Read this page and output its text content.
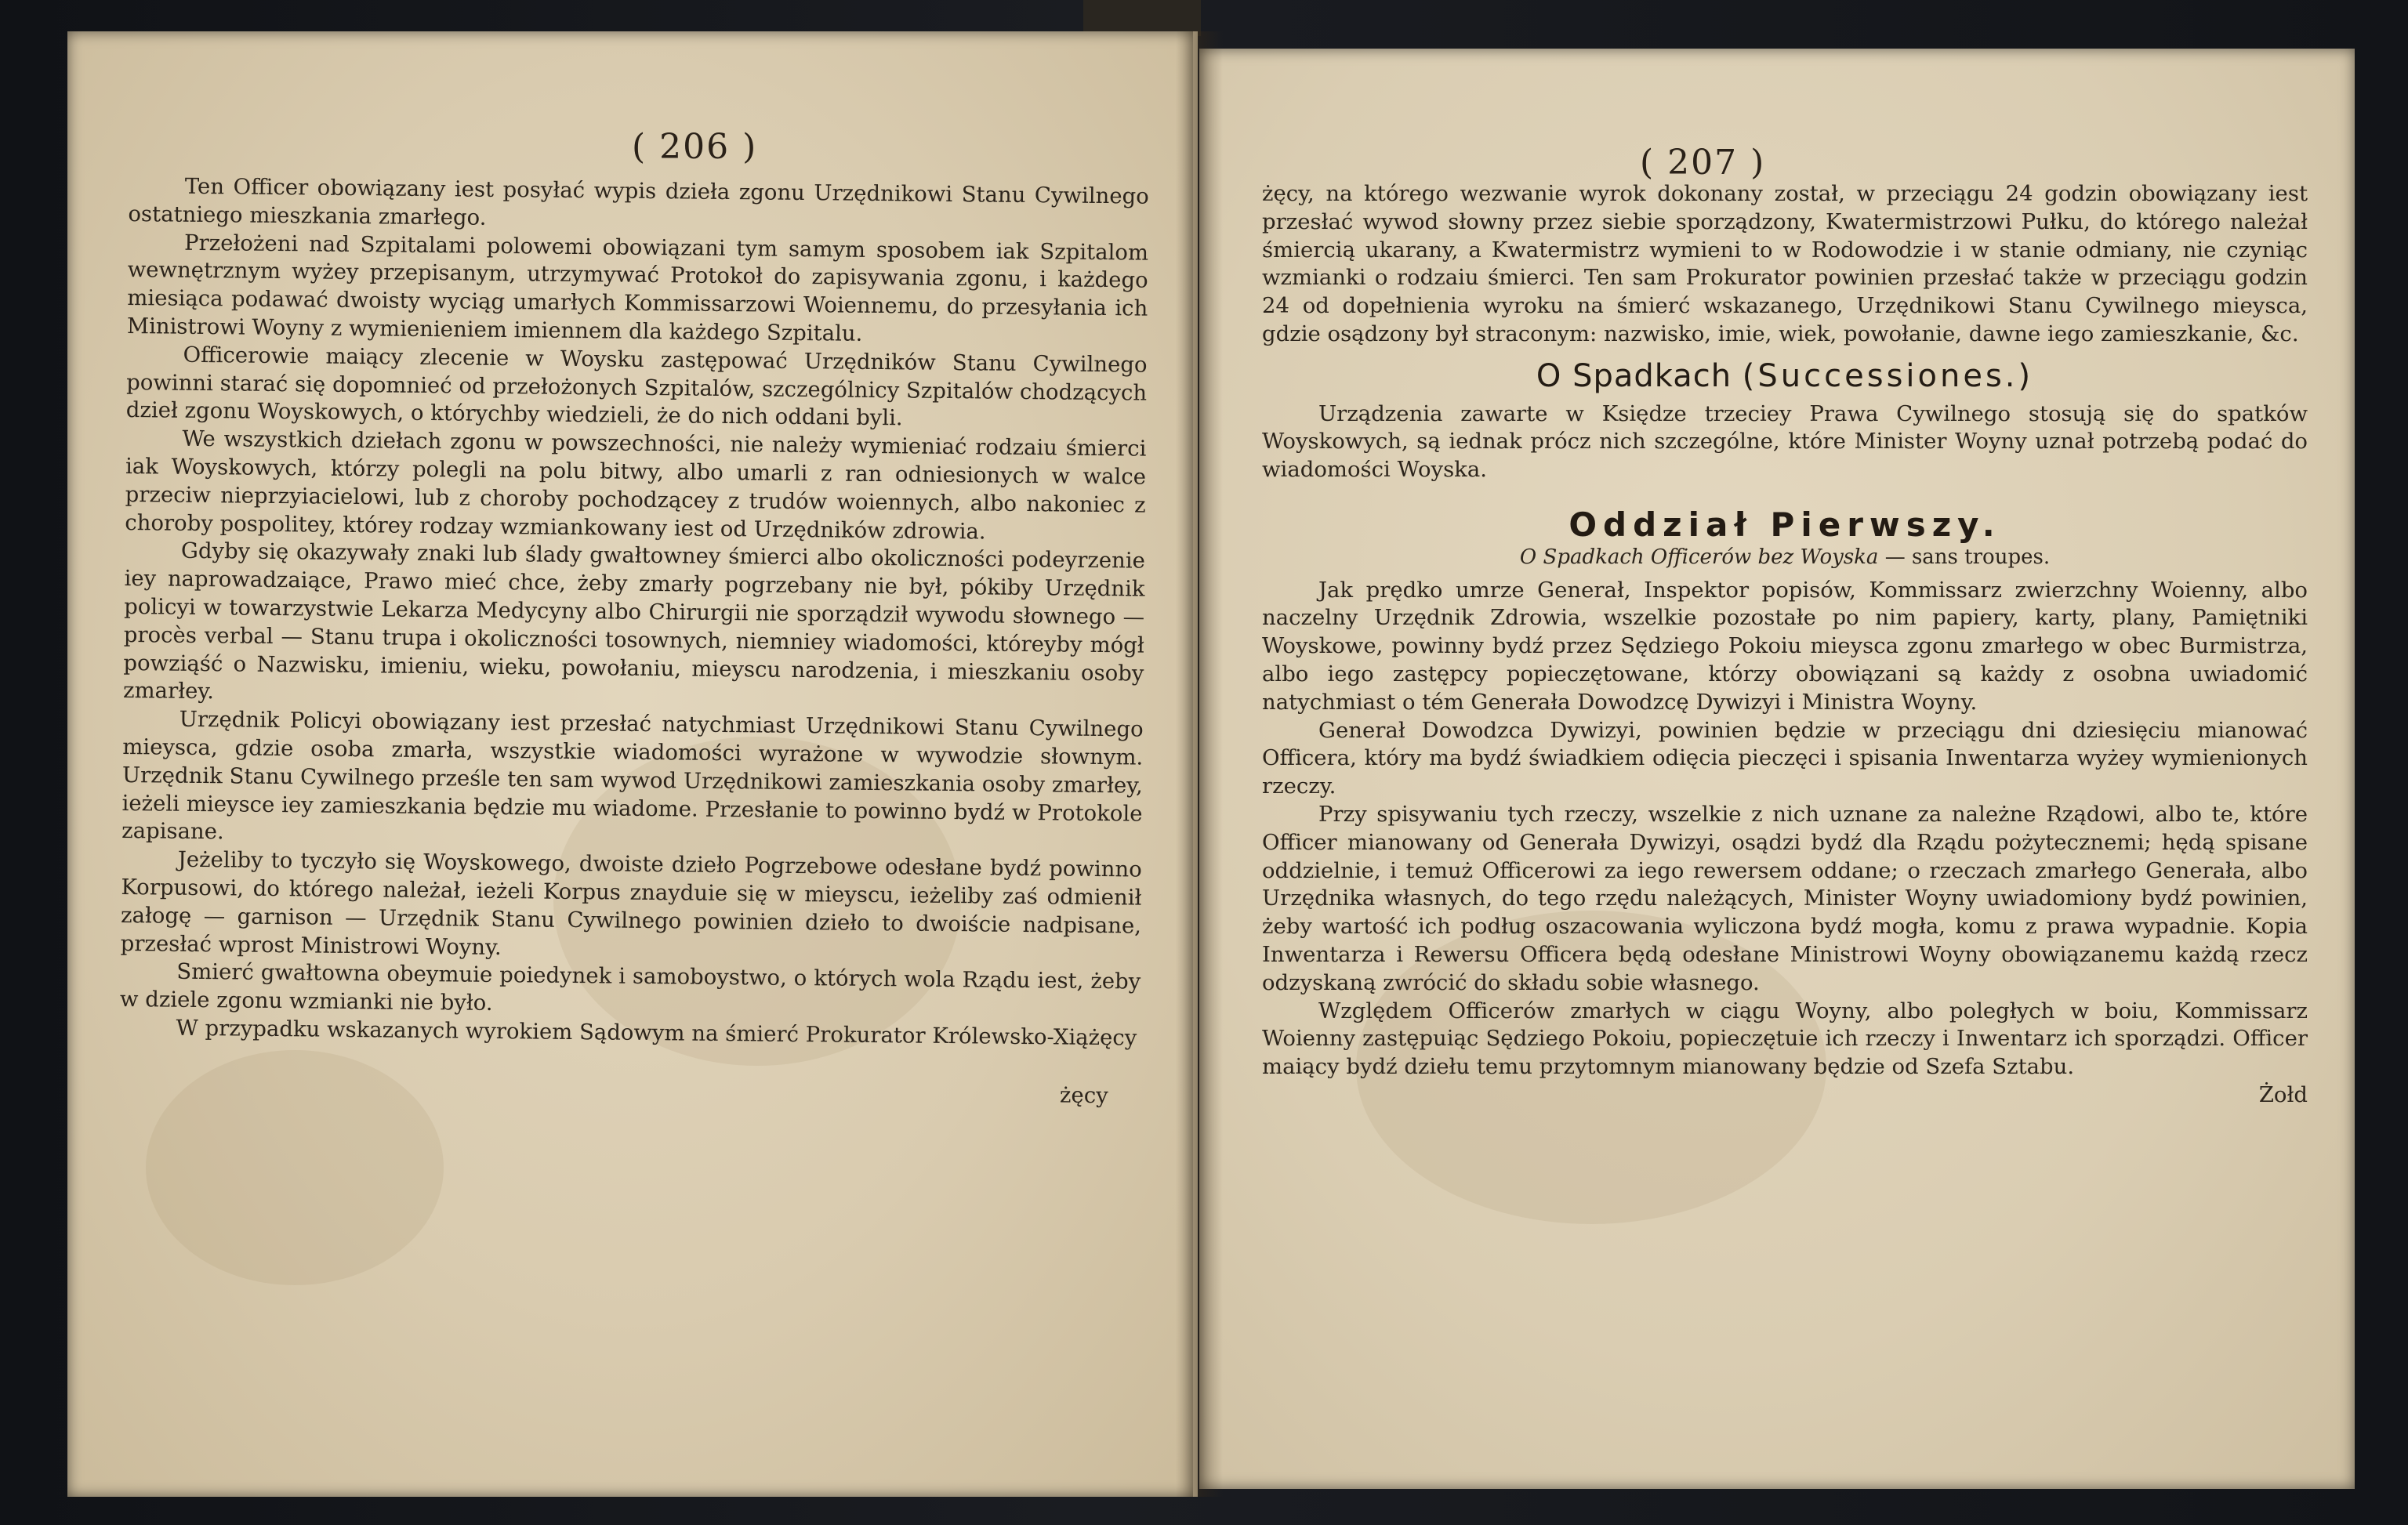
( 206 )

Ten Officer obowiązany iest posyłać wypis dzieła zgonu Urzędnikowi Stanu Cywilnego ostatniego mieszkania zmarłego.

Przełożeni nad Szpitalami polowemi obowiązani tym samym sposobem iak Szpitalom wewnętrznym wyżey przepisanym, utrzymywać Protokoł do zapisywania zgonu, i każdego miesiąca podawać dwoisty wyciąg umarłych Kommissarzowi Woiennemu, do przesyłania ich Ministrowi Woyny z wymienieniem imiennem dla każdego Szpitalu.

Officerowie maiący zlecenie w Woysku zastępować Urzędników Stanu Cywilnego powinni starać się dopomnieć od przełożonych Szpitalów, szczególnicy Szpitalów chodzących dzieł zgonu Woyskowych, o którychby wiedzieli, że do nich oddani byli.

We wszystkich dziełach zgonu w powszechności, nie należy wymieniać rodzaiu śmierci iak Woyskowych, którzy polegli na polu bitwy, albo umarli z ran odniesionych w walce przeciw nieprzyiacielowi, lub z choroby pochodzącey z trudów woiennych, albo nakoniec z choroby pospolitey, którey rodzay wzmiankowany iest od Urzędników zdrowia.

Gdyby się okazywały znaki lub ślady gwałtowney śmierci albo okoliczności podeyrzenie iey naprowadzaiące, Prawo mieć chce, żeby zmarły pogrzebany nie był, pókiby Urzędnik policyi w towarzystwie Lekarza Medycyny albo Chirurgii nie sporządził wywodu słownego — procès verbal — Stanu trupa i okoliczności tosownych, niemniey wiadomości, któreyby mógł powziąść o Nazwisku, imieniu, wieku, powołaniu, mieyscu narodzenia, i mieszkaniu osoby zmarłey.

Urzędnik Policyi obowiązany iest przesłać natychmiast Urzędnikowi Stanu Cywilnego mieysca, gdzie osoba zmarła, wszystkie wiadomości wyrażone w wywodzie słownym. Urzędnik Stanu Cywilnego prześle ten sam wywod Urzędnikowi zamieszkania osoby zmarłey, ieżeli mieysce iey zamieszkania będzie mu wiadome. Przesłanie to powinno bydź w Protokole zapisane.

Jeżeliby to tyczyło się Woyskowego, dwoiste dzieło Pogrzebowe odesłane bydź powinno Korpusowi, do którego należał, ieżeli Korpus znayduie się w mieyscu, ieżeliby zaś odmienił załogę — garnison — Urzędnik Stanu Cywilnego powinien dzieło to dwoiście nadpisane, przesłać wprost Ministrowi Woyny.

Smierć gwałtowna obeymuie poiedynek i samoboystwo, o których wola Rządu iest, żeby w dziele zgonu wzmianki nie było.

W przypadku wskazanych wyrokiem Sądowym na śmierć Prokurator Królewsko-Xiążęcy

żęcy
( 207 )

żęcy, na którego wezwanie wyrok dokonany został, w przeciągu 24 godzin obowiązany iest przesłać wywod słowny przez siebie sporządzony, Kwatermistrzowi Pułku, do którego należał śmiercią ukarany, a Kwatermistrz wymieni to w Rodowodzie i w stanie odmiany, nie czyniąc wzmianki o rodzaiu śmierci. Ten sam Prokurator powinien przesłać także w przeciągu godzin 24 od dopełnienia wyroku na śmierć wskazanego, Urzędnikowi Stanu Cywilnego mieysca, gdzie osądzony był straconym: nazwisko, imie, wiek, powołanie, dawne iego zamieszkanie, &c.

O Spadkach (Successiones.)

Urządzenia zawarte w Księdze trzeciey Prawa Cywilnego stosują się do spatków Woyskowych, są iednak prócz nich szczególne, które Minister Woyny uznał potrzebą podać do wiadomości Woyska.

Oddział Pierwszy.
O Spadkach Officerów bez Woyska — sans troupes.

Jak prędko umrze Generał, Inspektor popisów, Kommissarz zwierzchny Woienny, albo naczelny Urzędnik Zdrowia, wszelkie pozostałe po nim papiery, karty, plany, Pamiętniki Woyskowe, powinny bydź przez Sędziego Pokoiu mieysca zgonu zmarłego w obec Burmistrza, albo iego zastępcy popieczętowane, którzy obowiązani są każdy z osobna uwiadomić natychmiast o tém Generała Dowodzcę Dywizyi i Ministra Woyny.

Generał Dowodzca Dywizyi, powinien będzie w przeciągu dni dziesięciu mianować Officera, który ma bydź świadkiem odięcia pieczęci i spisania Inwentarza wyżey wymienionych rzeczy.

Przy spisywaniu tych rzeczy, wszelkie z nich uznane za należne Rządowi, albo te, które Officer mianowany od Generała Dywizyi, osądzi bydź dla Rządu pożytecznemi; hędą spisane oddzielnie, i temuż Officerowi za iego rewersem oddane; o rzeczach zmarłego Generała, albo Urzędnika własnych, do tego rzędu należących, Minister Woyny uwiadomiony bydź powinien, żeby wartość ich podług oszacowania wyliczona bydź mogła, komu z prawa wypadnie. Kopia Inwentarza i Rewersu Officera będą odesłane Ministrowi Woyny obowiązanemu każdą rzecz odzyskaną zwrócić do składu sobie własnego.

Względem Officerów zmarłych w ciągu Woyny, albo poległych w boiu, Kommissarz Woienny zastępuiąc Sędziego Pokoiu, popieczętuie ich rzeczy i Inwentarz ich sporządzi. Officer maiący bydź dziełu temu przytomnym mianowany będzie od Szefa Sztabu.

Żołd
